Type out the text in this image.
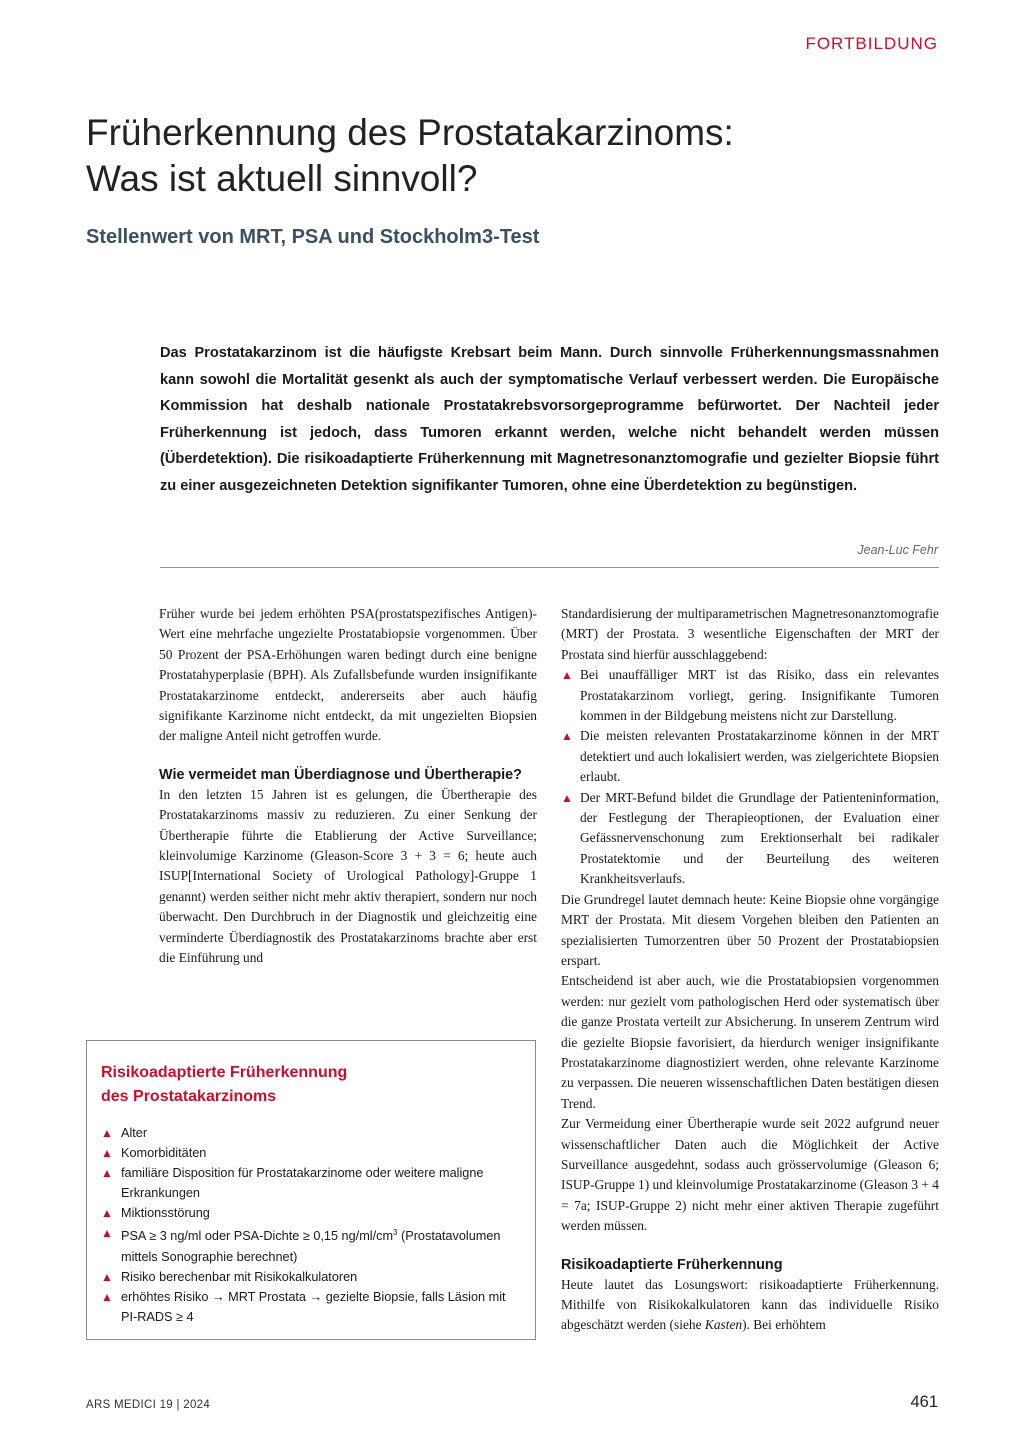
FORTBILDUNG
Früherkennung des Prostatakarzinoms:
Was ist aktuell sinnvoll?
Stellenwert von MRT, PSA und Stockholm3-Test

Das Prostatakarzinom ist die häufigste Krebsart beim Mann. Durch sinnvolle Früherkennungsmassnahmen kann sowohl die Mortalität gesenkt als auch der symptomatische Verlauf verbessert werden. Die Europäische Kommission hat deshalb nationale Prostatakrebsvorsorgeprogramme befürwortet. Der Nachteil jeder Früherkennung ist jedoch, dass Tumoren erkannt werden, welche nicht behandelt werden müssen (Überdetektion). Die risikoadaptierte Früherkennung mit Magnetresonanztomografie und gezielter Biopsie führt zu einer ausgezeichneten Detektion signifikanter Tumoren, ohne eine Überdetektion zu begünstigen.

Jean-Luc Fehr

Früher wurde bei jedem erhöhten PSA(prostatspezifisches Antigen)-Wert eine mehrfache ungezielte Prostatabiopsie vorgenommen. Über 50 Prozent der PSA-Erhöhungen waren bedingt durch eine benigne Prostatahyperplasie (BPH). Als Zufallsbefunde wurden insignifikante Prostatakarzinome entdeckt, andererseits aber auch häufig signifikante Karzinome nicht entdeckt, da mit ungezielten Biopsien der maligne Anteil nicht getroffen wurde.

Wie vermeidet man Überdiagnose und Übertherapie?

In den letzten 15 Jahren ist es gelungen, die Übertherapie des Prostatakarzinoms massiv zu reduzieren. Zu einer Senkung der Übertherapie führte die Etablierung der Active Surveillance; kleinvolumige Karzinome (Gleason-Score 3 + 3 = 6; heute auch ISUP[International Society of Urological Pathology]-Gruppe 1 genannt) werden seither nicht mehr aktiv therapiert, sondern nur noch überwacht. Den Durchbruch in der Diagnostik und gleichzeitig eine verminderte Überdiagnostik des Prostatakarzinoms brachte aber erst die Einführung und

Standardisierung der multiparametrischen Magnetresonanztomografie (MRT) der Prostata. 3 wesentliche Eigenschaften der MRT der Prostata sind hierfür ausschlaggebend:

▲ Bei unauffälliger MRT ist das Risiko, dass ein relevantes Prostatakarzinom vorliegt, gering. Insignifikante Tumoren kommen in der Bildgebung meistens nicht zur Darstellung.
▲ Die meisten relevanten Prostatakarzinome können in der MRT detektiert und auch lokalisiert werden, was zielgerichtete Biopsien erlaubt.
▲ Der MRT-Befund bildet die Grundlage der Patienteninformation, der Festlegung der Therapieoptionen, der Evaluation einer Gefässnervenschonung zum Erektionserhalt bei radikaler Prostatektomie und der Beurteilung des weiteren Krankheitsverlaufs.

Die Grundregel lautet demnach heute: Keine Biopsie ohne vorgängige MRT der Prostata. Mit diesem Vorgehen bleiben den Patienten an spezialisierten Tumorzentren über 50 Prozent der Prostatabiopsien erspart.

Entscheidend ist aber auch, wie die Prostatabiopsien vorgenommen werden: nur gezielt vom pathologischen Herd oder systematisch über die ganze Prostata verteilt zur Absicherung. In unserem Zentrum wird die gezielte Biopsie favorisiert, da hierdurch weniger insignifikante Prostatakarzinome diagnostiziert werden, ohne relevante Karzinome zu verpassen. Die neueren wissenschaftlichen Daten bestätigen diesen Trend.

Zur Vermeidung einer Übertherapie wurde seit 2022 aufgrund neuer wissenschaftlicher Daten auch die Möglichkeit der Active Surveillance ausgedehnt, sodass auch grösservolumige (Gleason 6; ISUP-Gruppe 1) und kleinvolumige Prostatakarzinome (Gleason 3 + 4 = 7a; ISUP-Gruppe 2) nicht mehr einer aktiven Therapie zugeführt werden müssen.

Risikoadaptierte Früherkennung

Heute lautet das Losungswort: risikoadaptierte Früherkennung. Mithilfe von Risikokalkulatoren kann das individuelle Risiko abgeschätzt werden (siehe Kasten). Bei erhöhtem

Risikoadaptierte Früherkennung
des Prostatakarzinoms
▲ Alter
▲ Komorbiditäten
▲ familiäre Disposition für Prostatakarzinome oder weitere maligne Erkrankungen
▲ Miktionsstörung
▲ PSA ≥ 3 ng/ml oder PSA-Dichte ≥ 0,15 $ng/ml/cm^3$ (Prostatavolumen mittels Sonographie berechnet)
▲ Risiko berechenbar mit Risikokalkulatoren
▲ erhöhtes Risiko → MRT Prostata → gezielte Biopsie, falls Läsion mit PI-RADS ≥ 4
ARS MEDICI 19 | 2024	461
